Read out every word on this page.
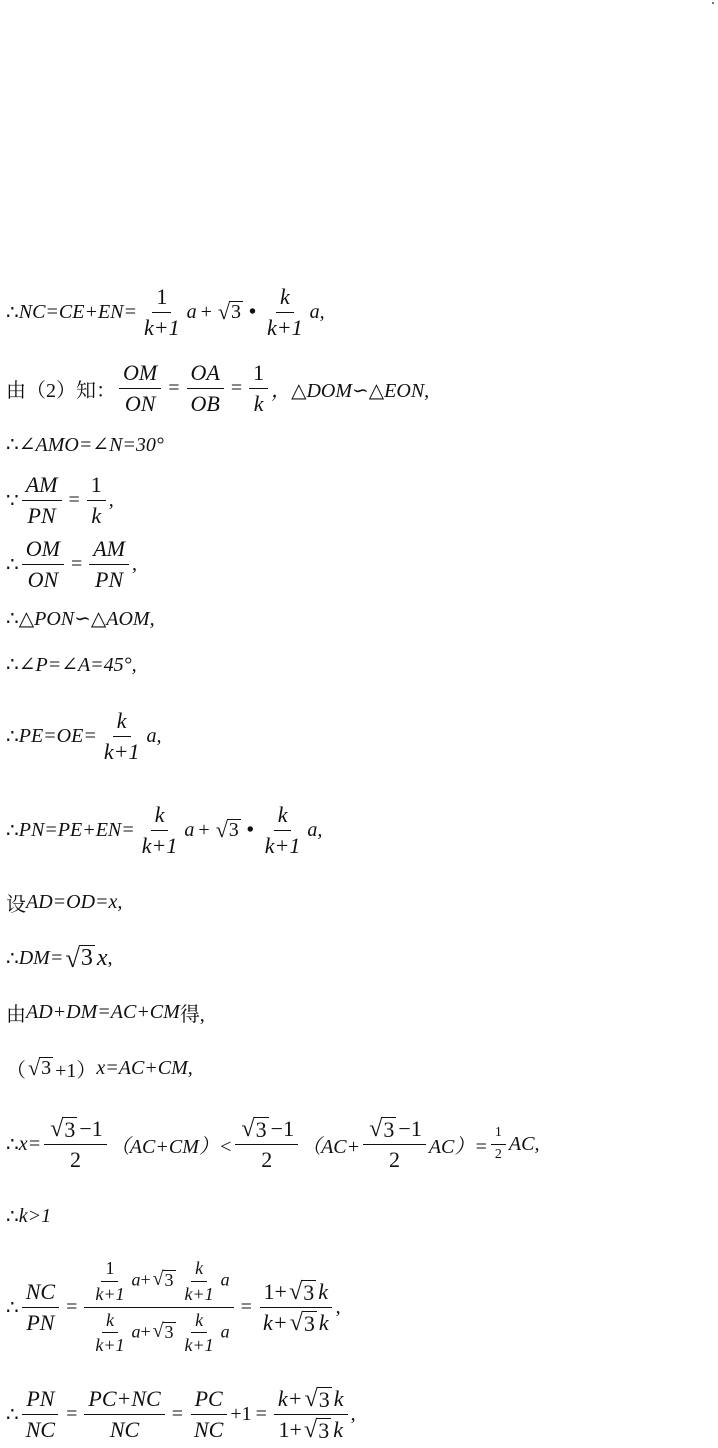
∴ $NC=CE+EN= \frac{1}{k+1}$ a + √ 3 • $\frac{k}{k+1} a$,
由（2）知： $\frac{OM}{ON} = \frac{OA}{OB} = \frac{1}{k}$ ，△DOM∽△EON,
∴ ∠AMO=∠N=30°
∵ $\frac{AM}{PN} = \frac{1}{k}$ ,
∴ $\frac{OM}{ON} = \frac{AM}{PN}$ ,
∴ △PON∽△AOM,
∴ ∠P=∠A=45°,
∴ $PE=OE= \frac{k}{k+1} a$,
∴ $PN=PE+EN= \frac{k}{k+1}$ a + √ 3 • $\frac{k}{k+1} a$,
设 AD=OD=x,
∴ DM= √ 3 x ,
由 AD+DM=AC+CM 得,
（ √ 3 +1） x=AC+CM,
∴ $x= \frac{√ 3 -1}{2} (AC+CM)< \frac{√ 3 -1}{2} (AC+ \frac{√ 3 -1}{2} AC)= \frac{1}{2}$ AC,
∴ k>1
∴ $\frac{NC}{PN} = \frac{\frac{1}{k+1} a+ √ 3 \frac{k}{k+1} a}{\frac{k}{k+1} a+ √ 3 \frac{k}{k+1} a} = \frac{1+ √ 3 k}{k+ √ 3 k}$ ,
∴ $\frac{PN}{NC} = \frac{PC+NC}{NC} = \frac{PC}{NC} +1 = \frac{k+ √ 3 k}{1+ √ 3 k}$ ,
